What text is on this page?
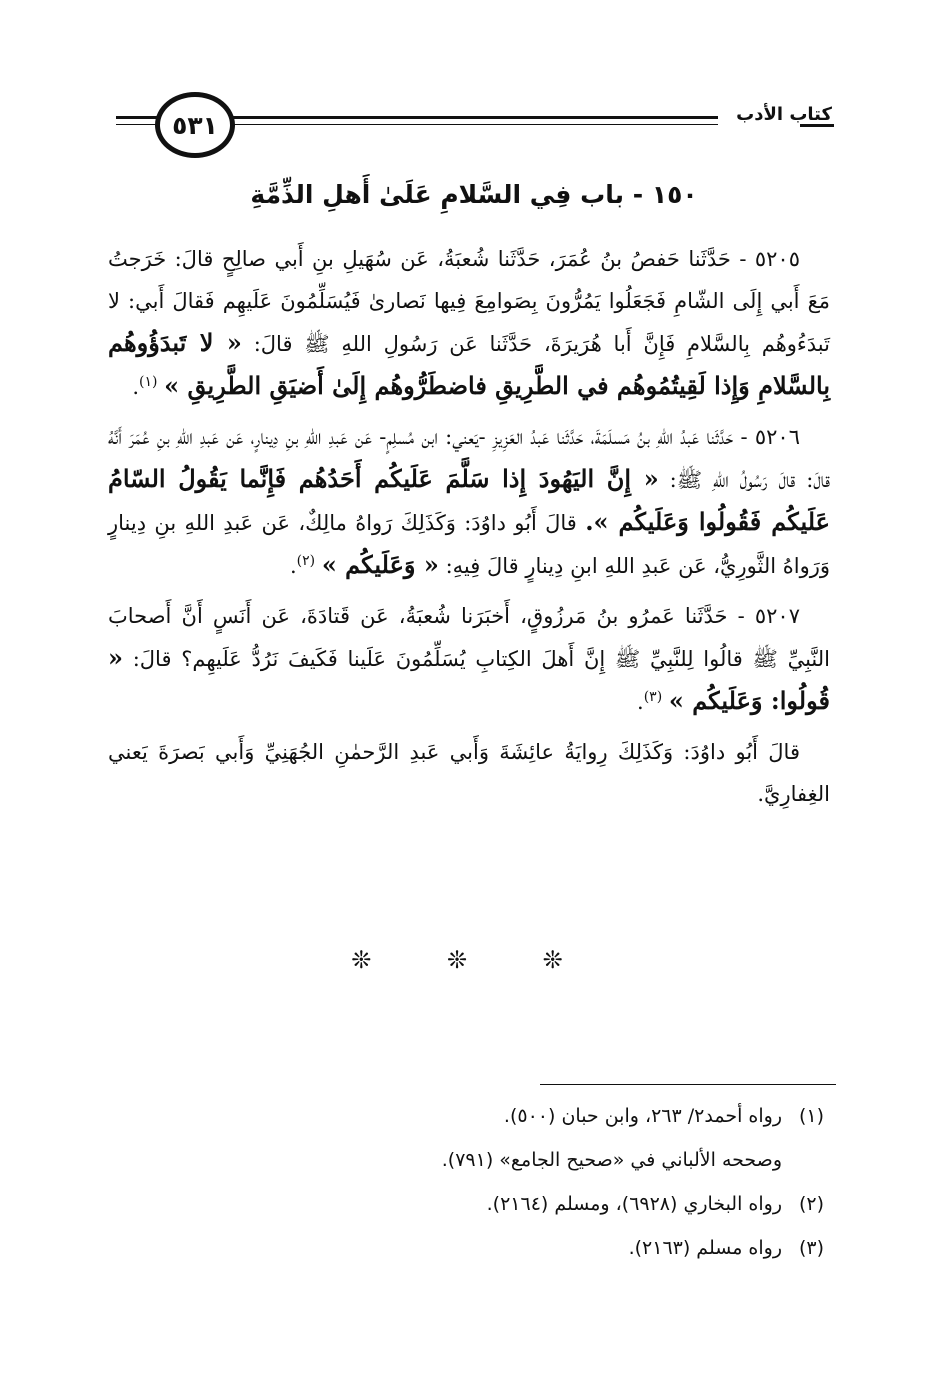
٥٣١	كتاب الأدب
١٥٠ - باب فِي السَّلامِ عَلَىٰ أَهلِ الذِّمَّةِ

٥٢٠٥ - حَدَّثَنا حَفصُ بنُ عُمَرَ، حَدَّثَنا شُعبَةُ، عَن سُهَيلِ بنِ أَبي صالِحٍ قالَ: خَرَجتُ مَعَ أَبي إِلَى الشّامِ فَجَعَلُوا يَمُرُّونَ بِصَوامِعَ فِيها نَصارىٰ فَيُسَلِّمُونَ عَلَيهِم فَقالَ أَبي: لا تَبدَءُوهُم بِالسَّلامِ فَإِنَّ أَبا هُرَيرَةَ، حَدَّثَنا عَن رَسُولِ اللهِ ﷺ قالَ: « لا تَبدَؤُوهُم بِالسَّلامِ وَإِذا لَقِيتُمُوهُم في الطَّرِيقِ فاضطَرُّوهُم إِلَىٰ أَضيَقِ الطَّرِيقِ » $^{(١)}$.

٥٢٠٦ - حَدَّثَنا عَبدُ اللهِ بنُ مَسلَمَةَ، حَدَّثَنا عَبدُ العَزِيزِ -يَعني: ابن مُسلِمٍ- عَن عَبدِ اللهِ بنِ دِينارٍ، عَن عَبدِ اللهِ بنِ عُمَرَ أَنَّهُ قالَ: قالَ رَسُولُ اللهِ ﷺ: « إِنَّ اليَهُودَ إِذا سَلَّمَ عَلَيكُم أَحَدُهُم فَإِنَّما يَقُولُ السّامُ عَلَيكُم فَقُولُوا وَعَلَيكُم ». قالَ أَبُو داوُدَ: وَكَذَلِكَ رَواهُ مالِكٌ، عَن عَبدِ اللهِ بنِ دِينارٍ وَرَواهُ الثَّورِيُّ، عَن عَبدِ اللهِ ابنِ دِينارٍ قالَ فِيهِ: « وَعَلَيكُم » $^{(٢)}$.

٥٢٠٧ - حَدَّثَنا عَمرُو بنُ مَرزُوقٍ، أَخبَرَنا شُعبَةُ، عَن قَتادَةَ، عَن أَنَسٍ أَنَّ أَصحابَ النَّبِيِّ ﷺ قالُوا لِلنَّبِيِّ ﷺ إِنَّ أَهلَ الكِتابِ يُسَلِّمُونَ عَلَينا فَكَيفَ نَرُدُّ عَلَيهِم؟ قالَ: « قُولُوا: وَعَلَيكُم » $^{(٣)}$.

قالَ أَبُو داوُدَ: وَكَذَلِكَ رِوايَةُ عائِشَةَ وَأَبي عَبدِ الرَّحمٰنِ الجُهَنِيِّ وَأَبي بَصرَةَ يَعني الغِفارِيَّ.

❊ ❊ ❊
(١)رواه أحمد٢/ ٢٦٣، وابن حبان (٥٠٠).
وصححه الألباني في «صحيح الجامع» (٧٩١).
(٢)رواه البخاري (٦٩٢٨)، ومسلم (٢١٦٤).
(٣)رواه مسلم (٢١٦٣).
